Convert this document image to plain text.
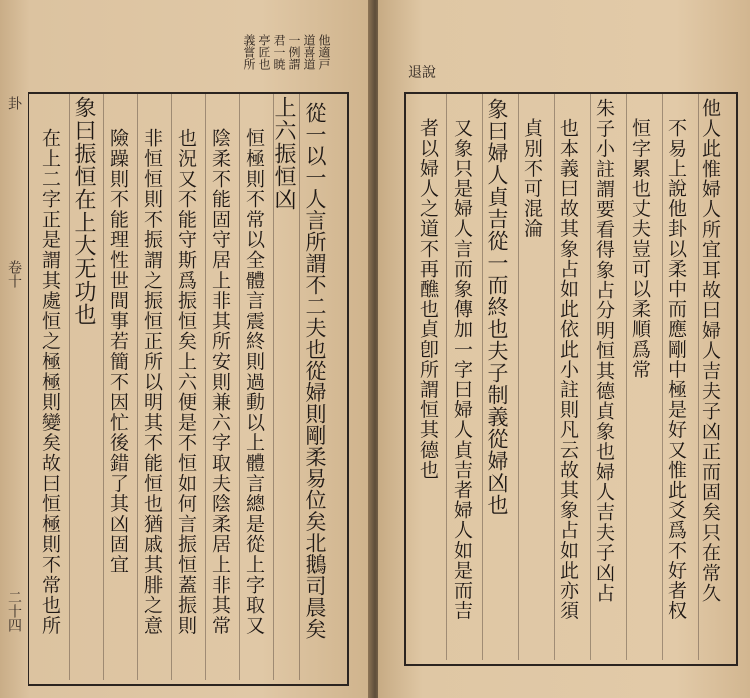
卦
卷十
二十四
他適戸
道喜道
一例謂
君一暁
亭匠也
義嘗所
從一以一人言所謂不二夫也從婦則剛柔易位矣北鵝司晨矣
上六振恒凶
恒極則不常以全體言震終則過動以上體言總是從上字取又
陰柔不能固守居上非其所安則兼六字取夫陰柔居上非其常
也況又不能守斯爲振恒矣上六便是不恒如何言振恒蓋振則
非恒恒則不振謂之振恒正所以明其不能恒也猶戚其腓之意
險躁則不能理性世間事若簡不因忙後錯了其凶固宜
象曰振恒在上大无功也
在上二字正是謂其處恒之極極則變矣故曰恒極則不常也所
退說
他人此惟婦人所宜耳故曰婦人吉夫子凶正而固矣只在常久
不易上說他卦以柔中而應剛中極是好又惟此爻爲不好者权
恒字累也丈夫豈可以柔順爲常
朱子小註謂要看得象占分明恒其德貞象也婦人吉夫子凶占
也本義曰故其象占如此依此小註則凡云故其象占如此亦須
貞別不可混淪
象曰婦人貞吉從一而終也夫子制義從婦凶也
又象只是婦人言而象傳加一字曰婦人貞吉者婦人如是而吉
者以婦人之道不再醮也貞卽所謂恒其德也
